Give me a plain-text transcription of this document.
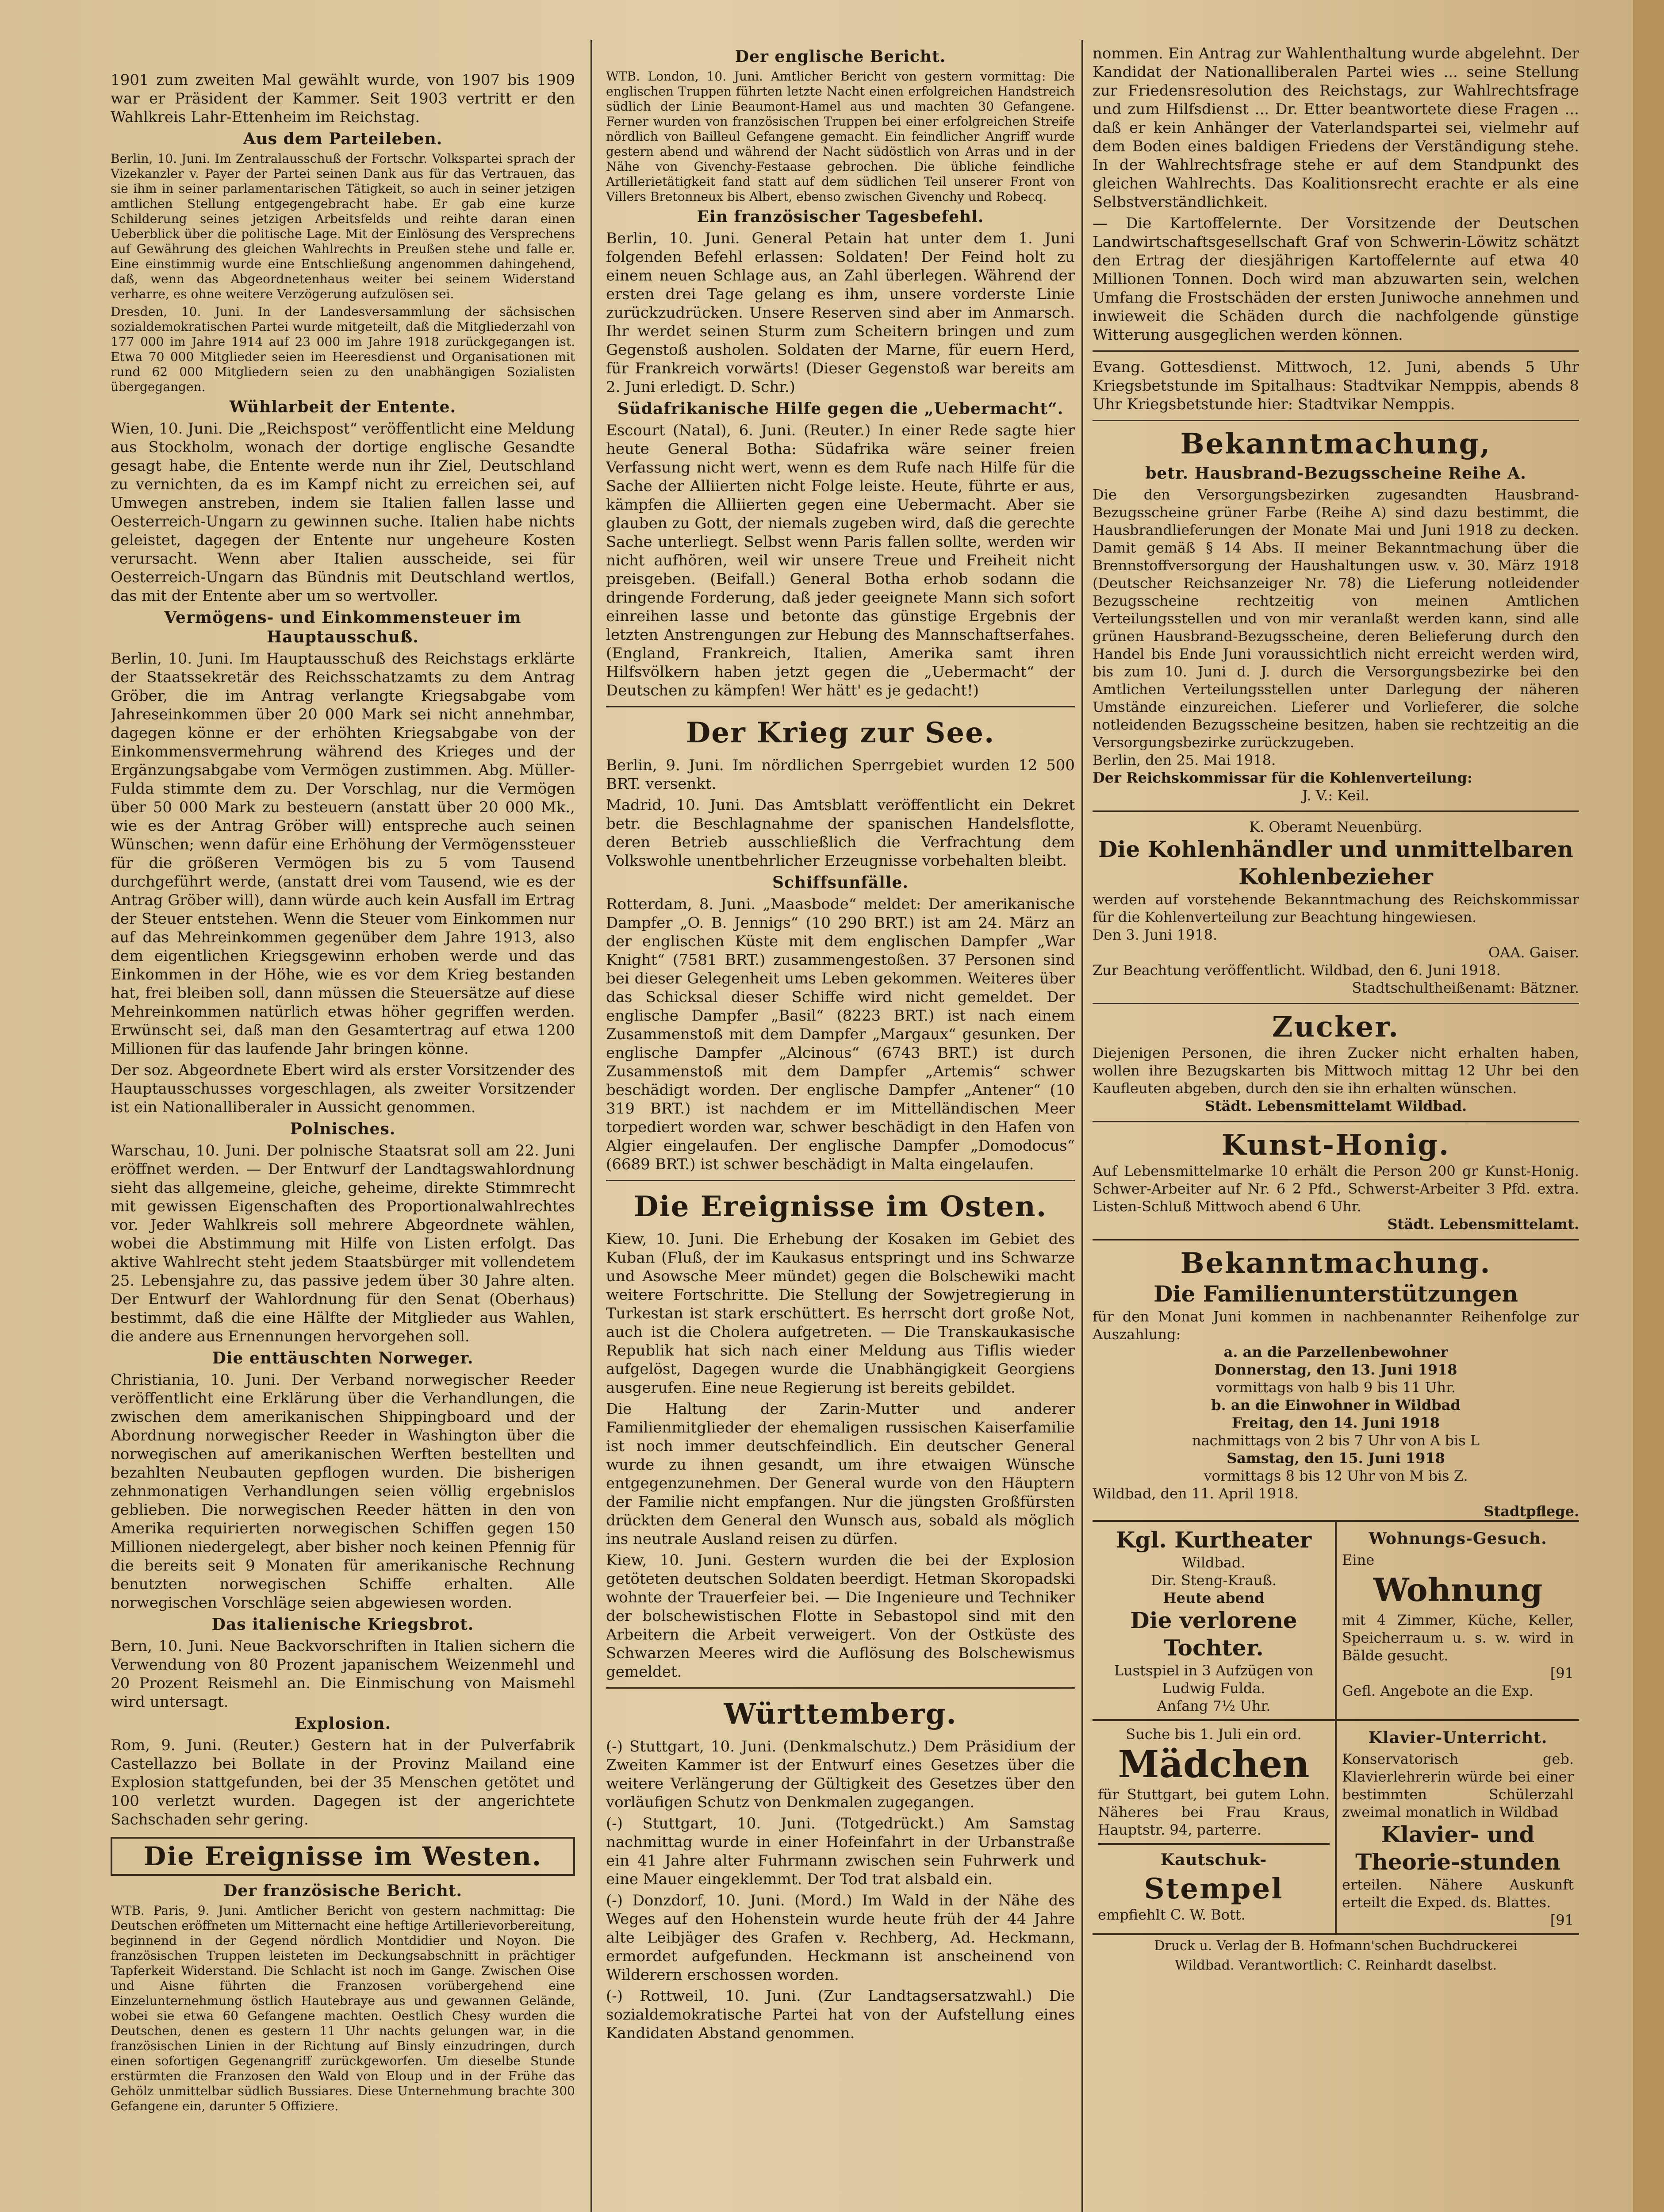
1901 zum zweiten Mal gewählt wurde, von 1907 bis 1909 war er Präsident der Kammer. Seit 1903 vertritt er den Wahlkreis Lahr-Ettenheim im Reichstag.

Aus dem Parteileben.

Berlin, 10. Juni. Im Zentralausschuß der Fortschr. Volkspartei sprach der Vizekanzler v. Payer der Partei seinen Dank aus für das Vertrauen, das sie ihm in seiner parlamentarischen Tätigkeit, so auch in seiner jetzigen amtlichen Stellung entgegengebracht habe. Er gab eine kurze Schilderung seines jetzigen Arbeitsfelds und reihte daran einen Ueberblick über die politische Lage. Mit der Einlösung des Versprechens auf Gewährung des gleichen Wahlrechts in Preußen stehe und falle er. Eine einstimmig wurde eine Entschließung angenommen dahingehend, daß, wenn das Abgeordnetenhaus weiter bei seinem Widerstand verharre, es ohne weitere Verzögerung aufzulösen sei.

Dresden, 10. Juni. In der Landesversammlung der sächsischen sozialdemokratischen Partei wurde mitgeteilt, daß die Mitgliederzahl von 177 000 im Jahre 1914 auf 23 000 im Jahre 1918 zurückgegangen ist. Etwa 70 000 Mitglieder seien im Heeresdienst und Organisationen mit rund 62 000 Mitgliedern seien zu den unabhängigen Sozialisten übergegangen.

Wühlarbeit der Entente.

Wien, 10. Juni. Die „Reichspost“ veröffentlicht eine Meldung aus Stockholm, wonach der dortige englische Gesandte gesagt habe, die Entente werde nun ihr Ziel, Deutschland zu vernichten, da es im Kampf nicht zu erreichen sei, auf Umwegen anstreben, indem sie Italien fallen lasse und Oesterreich-Ungarn zu gewinnen suche. Italien habe nichts geleistet, dagegen der Entente nur ungeheure Kosten verursacht. Wenn aber Italien ausscheide, sei für Oesterreich-Ungarn das Bündnis mit Deutschland wertlos, das mit der Entente aber um so wertvoller.

Vermögens- und Einkommensteuer im Hauptausschuß.

Berlin, 10. Juni. Im Hauptausschuß des Reichstags erklärte der Staatssekretär des Reichsschatzamts zu dem Antrag Gröber, die im Antrag verlangte Kriegsabgabe vom Jahreseinkommen über 20 000 Mark sei nicht annehmbar, dagegen könne er der erhöhten Kriegsabgabe von der Einkommensvermehrung während des Krieges und der Ergänzungsabgabe vom Vermögen zustimmen. Abg. Müller-Fulda stimmte dem zu. Der Vorschlag, nur die Vermögen über 50 000 Mark zu besteuern (anstatt über 20 000 Mk., wie es der Antrag Gröber will) entspreche auch seinen Wünschen; wenn dafür eine Erhöhung der Vermögenssteuer für die größeren Vermögen bis zu 5 vom Tausend durchgeführt werde, (anstatt drei vom Tausend, wie es der Antrag Gröber will), dann würde auch kein Ausfall im Ertrag der Steuer entstehen. Wenn die Steuer vom Einkommen nur auf das Mehreinkommen gegenüber dem Jahre 1913, also dem eigentlichen Kriegsgewinn erhoben werde und das Einkommen in der Höhe, wie es vor dem Krieg bestanden hat, frei bleiben soll, dann müssen die Steuersätze auf diese Mehreinkommen natürlich etwas höher gegriffen werden. Erwünscht sei, daß man den Gesamtertrag auf etwa 1200 Millionen für das laufende Jahr bringen könne.

Der soz. Abgeordnete Ebert wird als erster Vorsitzender des Hauptausschusses vorgeschlagen, als zweiter Vorsitzender ist ein Nationalliberaler in Aussicht genommen.

Polnisches.

Warschau, 10. Juni. Der polnische Staatsrat soll am 22. Juni eröffnet werden. — Der Entwurf der Landtagswahlordnung sieht das allgemeine, gleiche, geheime, direkte Stimmrecht mit gewissen Eigenschaften des Proportionalwahlrechtes vor. Jeder Wahlkreis soll mehrere Abgeordnete wählen, wobei die Abstimmung mit Hilfe von Listen erfolgt. Das aktive Wahlrecht steht jedem Staatsbürger mit vollendetem 25. Lebensjahre zu, das passive jedem über 30 Jahre alten. Der Entwurf der Wahlordnung für den Senat (Oberhaus) bestimmt, daß die eine Hälfte der Mitglieder aus Wahlen, die andere aus Ernennungen hervorgehen soll.

Die enttäuschten Norweger.

Christiania, 10. Juni. Der Verband norwegischer Reeder veröffentlicht eine Erklärung über die Verhandlungen, die zwischen dem amerikanischen Shippingboard und der Abordnung norwegischer Reeder in Washington über die norwegischen auf amerikanischen Werften bestellten und bezahlten Neubauten gepflogen wurden. Die bisherigen zehnmonatigen Verhandlungen seien völlig ergebnislos geblieben. Die norwegischen Reeder hätten in den von Amerika requirierten norwegischen Schiffen gegen 150 Millionen niedergelegt, aber bisher noch keinen Pfennig für die bereits seit 9 Monaten für amerikanische Rechnung benutzten norwegischen Schiffe erhalten. Alle norwegischen Vorschläge seien abgewiesen worden.

Das italienische Kriegsbrot.

Bern, 10. Juni. Neue Backvorschriften in Italien sichern die Verwendung von 80 Prozent japanischem Weizenmehl und 20 Prozent Reismehl an. Die Einmischung von Maismehl wird untersagt.

Explosion.

Rom, 9. Juni. (Reuter.) Gestern hat in der Pulverfabrik Castellazzo bei Bollate in der Provinz Mailand eine Explosion stattgefunden, bei der 35 Menschen getötet und 100 verletzt wurden. Dagegen ist der angerichtete Sachschaden sehr gering.

Die Ereignisse im Westen.
Der französische Bericht.

WTB. Paris, 9. Juni. Amtlicher Bericht von gestern nachmittag: Die Deutschen eröffneten um Mitternacht eine heftige Artillerievorbereitung, beginnend in der Gegend nördlich Montdidier und Noyon. Die französischen Truppen leisteten im Deckungsabschnitt in prächtiger Tapferkeit Widerstand. Die Schlacht ist noch im Gange. Zwischen Oise und Aisne führten die Franzosen vorübergehend eine Einzelunternehmung östlich Hautebraye aus und gewannen Gelände, wobei sie etwa 60 Gefangene machten. Oestlich Chesy wurden die Deutschen, denen es gestern 11 Uhr nachts gelungen war, in die französischen Linien in der Richtung auf Binsly einzudringen, durch einen sofortigen Gegenangriff zurückgeworfen. Um dieselbe Stunde erstürmten die Franzosen den Wald von Eloup und in der Frühe das Gehölz unmittelbar südlich Bussiares. Diese Unternehmung brachte 300 Gefangene ein, darunter 5 Offiziere.

Der englische Bericht.

WTB. London, 10. Juni. Amtlicher Bericht von gestern vormittag: Die englischen Truppen führten letzte Nacht einen erfolgreichen Handstreich südlich der Linie Beaumont-Hamel aus und machten 30 Gefangene. Ferner wurden von französischen Truppen bei einer erfolgreichen Streife nördlich von Bailleul Gefangene gemacht. Ein feindlicher Angriff wurde gestern abend und während der Nacht südöstlich von Arras und in der Nähe von Givenchy-Festaase gebrochen. Die übliche feindliche Artillerietätigkeit fand statt auf dem südlichen Teil unserer Front von Villers Bretonneux bis Albert, ebenso zwischen Givenchy und Robecq.

Ein französischer Tagesbefehl.

Berlin, 10. Juni. General Petain hat unter dem 1. Juni folgenden Befehl erlassen: Soldaten! Der Feind holt zu einem neuen Schlage aus, an Zahl überlegen. Während der ersten drei Tage gelang es ihm, unsere vorderste Linie zurückzudrücken. Unsere Reserven sind aber im Anmarsch. Ihr werdet seinen Sturm zum Scheitern bringen und zum Gegenstoß ausholen. Soldaten der Marne, für euern Herd, für Frankreich vorwärts! (Dieser Gegenstoß war bereits am 2. Juni erledigt. D. Schr.)

Südafrikanische Hilfe gegen die „Uebermacht“.

Escourt (Natal), 6. Juni. (Reuter.) In einer Rede sagte hier heute General Botha: Südafrika wäre seiner freien Verfassung nicht wert, wenn es dem Rufe nach Hilfe für die Sache der Alliierten nicht Folge leiste. Heute, führte er aus, kämpfen die Alliierten gegen eine Uebermacht. Aber sie glauben zu Gott, der niemals zugeben wird, daß die gerechte Sache unterliegt. Selbst wenn Paris fallen sollte, werden wir nicht aufhören, weil wir unsere Treue und Freiheit nicht preisgeben. (Beifall.) General Botha erhob sodann die dringende Forderung, daß jeder geeignete Mann sich sofort einreihen lasse und betonte das günstige Ergebnis der letzten Anstrengungen zur Hebung des Mannschaftserfahes. (England, Frankreich, Italien, Amerika samt ihren Hilfsvölkern haben jetzt gegen die „Uebermacht“ der Deutschen zu kämpfen! Wer hätt' es je gedacht!)

Der Krieg zur See.

Berlin, 9. Juni. Im nördlichen Sperrgebiet wurden 12 500 BRT. versenkt.

Madrid, 10. Juni. Das Amtsblatt veröffentlicht ein Dekret betr. die Beschlagnahme der spanischen Handelsflotte, deren Betrieb ausschließlich die Verfrachtung dem Volkswohle unentbehrlicher Erzeugnisse vorbehalten bleibt.

Schiffsunfälle.

Rotterdam, 8. Juni. „Maasbode“ meldet: Der amerikanische Dampfer „O. B. Jennigs“ (10 290 BRT.) ist am 24. März an der englischen Küste mit dem englischen Dampfer „War Knight“ (7581 BRT.) zusammengestoßen. 37 Personen sind bei dieser Gelegenheit ums Leben gekommen. Weiteres über das Schicksal dieser Schiffe wird nicht gemeldet. Der englische Dampfer „Basil“ (8223 BRT.) ist nach einem Zusammenstoß mit dem Dampfer „Margaux“ gesunken. Der englische Dampfer „Alcinous“ (6743 BRT.) ist durch Zusammenstoß mit dem Dampfer „Artemis“ schwer beschädigt worden. Der englische Dampfer „Antener“ (10 319 BRT.) ist nachdem er im Mittelländischen Meer torpediert worden war, schwer beschädigt in den Hafen von Algier eingelaufen. Der englische Dampfer „Domodocus“ (6689 BRT.) ist schwer beschädigt in Malta eingelaufen.

Die Ereignisse im Osten.

Kiew, 10. Juni. Die Erhebung der Kosaken im Gebiet des Kuban (Fluß, der im Kaukasus entspringt und ins Schwarze und Asowsche Meer mündet) gegen die Bolschewiki macht weitere Fortschritte. Die Stellung der Sowjetregierung in Turkestan ist stark erschüttert. Es herrscht dort große Not, auch ist die Cholera aufgetreten. — Die Transkaukasische Republik hat sich nach einer Meldung aus Tiflis wieder aufgelöst, Dagegen wurde die Unabhängigkeit Georgiens ausgerufen. Eine neue Regierung ist bereits gebildet.

Die Haltung der Zarin-Mutter und anderer Familienmitglieder der ehemaligen russischen Kaiserfamilie ist noch immer deutschfeindlich. Ein deutscher General wurde zu ihnen gesandt, um ihre etwaigen Wünsche entgegenzunehmen. Der General wurde von den Häuptern der Familie nicht empfangen. Nur die jüngsten Großfürsten drückten dem General den Wunsch aus, sobald als möglich ins neutrale Ausland reisen zu dürfen.

Kiew, 10. Juni. Gestern wurden die bei der Explosion getöteten deutschen Soldaten beerdigt. Hetman Skoropadski wohnte der Trauerfeier bei. — Die Ingenieure und Techniker der bolschewistischen Flotte in Sebastopol sind mit den Arbeitern die Arbeit verweigert. Von der Ostküste des Schwarzen Meeres wird die Auflösung des Bolschewismus gemeldet.

Württemberg.

(-) Stuttgart, 10. Juni. (Denkmalschutz.) Dem Präsidium der Zweiten Kammer ist der Entwurf eines Gesetzes über die weitere Verlängerung der Gültigkeit des Gesetzes über den vorläufigen Schutz von Denkmalen zugegangen.

(-) Stuttgart, 10. Juni. (Totgedrückt.) Am Samstag nachmittag wurde in einer Hofeinfahrt in der Urbanstraße ein 41 Jahre alter Fuhrmann zwischen sein Fuhrwerk und eine Mauer eingeklemmt. Der Tod trat alsbald ein.

(-) Donzdorf, 10. Juni. (Mord.) Im Wald in der Nähe des Weges auf den Hohenstein wurde heute früh der 44 Jahre alte Leibjäger des Grafen v. Rechberg, Ad. Heckmann, ermordet aufgefunden. Heckmann ist anscheinend von Wilderern erschossen worden.

(-) Rottweil, 10. Juni. (Zur Landtagsersatzwahl.) Die sozialdemokratische Partei hat von der Aufstellung eines Kandidaten Abstand genommen.

nommen. Ein Antrag zur Wahlenthaltung wurde abgelehnt. Der Kandidat der Nationalliberalen Partei wies ... seine Stellung zur Friedensresolution des Reichstags, zur Wahlrechtsfrage und zum Hilfsdienst ... Dr. Etter beantwortete diese Fragen ... daß er kein Anhänger der Vaterlandspartei sei, vielmehr auf dem Boden eines baldigen Friedens der Verständigung stehe. In der Wahlrechtsfrage stehe er auf dem Standpunkt des gleichen Wahlrechts. Das Koalitionsrecht erachte er als eine Selbstverständlichkeit.

— Die Kartoffelernte. Der Vorsitzende der Deutschen Landwirtschaftsgesellschaft Graf von Schwerin-Löwitz schätzt den Ertrag der diesjährigen Kartoffelernte auf etwa 40 Millionen Tonnen. Doch wird man abzuwarten sein, welchen Umfang die Frostschäden der ersten Juniwoche annehmen und inwieweit die Schäden durch die nachfolgende günstige Witterung ausgeglichen werden können.

Evang. Gottesdienst. Mittwoch, 12. Juni, abends 5 Uhr Kriegsbetstunde im Spitalhaus: Stadtvikar Nemppis, abends 8 Uhr Kriegsbetstunde hier: Stadtvikar Nemppis.

Bekanntmachung,
betr. Hausbrand-Bezugsscheine Reihe A.

Die den Versorgungsbezirken zugesandten Hausbrand-Bezugsscheine grüner Farbe (Reihe A) sind dazu bestimmt, die Hausbrandlieferungen der Monate Mai und Juni 1918 zu decken. Damit gemäß § 14 Abs. II meiner Bekanntmachung über die Brennstoffversorgung der Haushaltungen usw. v. 30. März 1918 (Deutscher Reichsanzeiger Nr. 78) die Lieferung notleidender Bezugsscheine rechtzeitig von meinen Amtlichen Verteilungsstellen und von mir veranlaßt werden kann, sind alle grünen Hausbrand-Bezugsscheine, deren Belieferung durch den Handel bis Ende Juni voraussichtlich nicht erreicht werden wird, bis zum 10. Juni d. J. durch die Versorgungsbezirke bei den Amtlichen Verteilungsstellen unter Darlegung der näheren Umstände einzureichen. Lieferer und Vorlieferer, die solche notleidenden Bezugsscheine besitzen, haben sie rechtzeitig an die Versorgungsbezirke zurückzugeben.

Berlin, den 25. Mai 1918.

Der Reichskommissar für die Kohlenverteilung:

J. V.: Keil.

K. Oberamt Neuenbürg.

Die Kohlenhändler und unmittelbaren Kohlenbezieher

werden auf vorstehende Bekanntmachung des Reichskommissar für die Kohlenverteilung zur Beachtung hingewiesen.

Den 3. Juni 1918.

OAA. Gaiser.

Zur Beachtung veröffentlicht. Wildbad, den 6. Juni 1918.

Stadtschultheißenamt: Bätzner.

Zucker.

Diejenigen Personen, die ihren Zucker nicht erhalten haben, wollen ihre Bezugskarten bis Mittwoch mittag 12 Uhr bei den Kaufleuten abgeben, durch den sie ihn erhalten wünschen.

Städt. Lebensmittelamt Wildbad.

Kunst-Honig.

Auf Lebensmittelmarke 10 erhält die Person 200 gr Kunst-Honig. Schwer-Arbeiter auf Nr. 6 2 Pfd., Schwerst-Arbeiter 3 Pfd. extra. Listen-Schluß Mittwoch abend 6 Uhr.

Städt. Lebensmittelamt.

Bekanntmachung.
Die Familienunterstützungen

für den Monat Juni kommen in nachbenannter Reihenfolge zur Auszahlung:

a. an die Parzellenbewohner

Donnerstag, den 13. Juni 1918

vormittags von halb 9 bis 11 Uhr.

b. an die Einwohner in Wildbad

Freitag, den 14. Juni 1918

nachmittags von 2 bis 7 Uhr von A bis L

Samstag, den 15. Juni 1918

vormittags 8 bis 12 Uhr von M bis Z.

Wildbad, den 11. April 1918.

Stadtpflege.

Kgl. Kurtheater

Wildbad.

Dir. Steng-Krauß.

Heute abend

Die verlorene Tochter.

Lustspiel in 3 Aufzügen von Ludwig Fulda.

Anfang 7½ Uhr.

Wohnungs-Gesuch.

Eine

Wohnung

mit 4 Zimmer, Küche, Keller, Speicherraum u. s. w. wird in Bälde gesucht.

[91

Gefl. Angebote an die Exp.

Suche bis 1. Juli ein ord.

Mädchen

für Stuttgart, bei gutem Lohn. Näheres bei Frau Kraus, Hauptstr. 94, parterre.

Kautschuk-
Stempel

empfiehlt C. W. Bott.

Klavier-Unterricht.

Konservatorisch geb. Klavierlehrerin würde bei einer bestimmten Schülerzahl zweimal monatlich in Wildbad

Klavier- und Theorie-stunden

erteilen. Nähere Auskunft erteilt die Exped. ds. Blattes.

[91

Druck u. Verlag der B. Hofmann'schen Buchdruckerei

Wildbad. Verantwortlich: C. Reinhardt daselbst.
